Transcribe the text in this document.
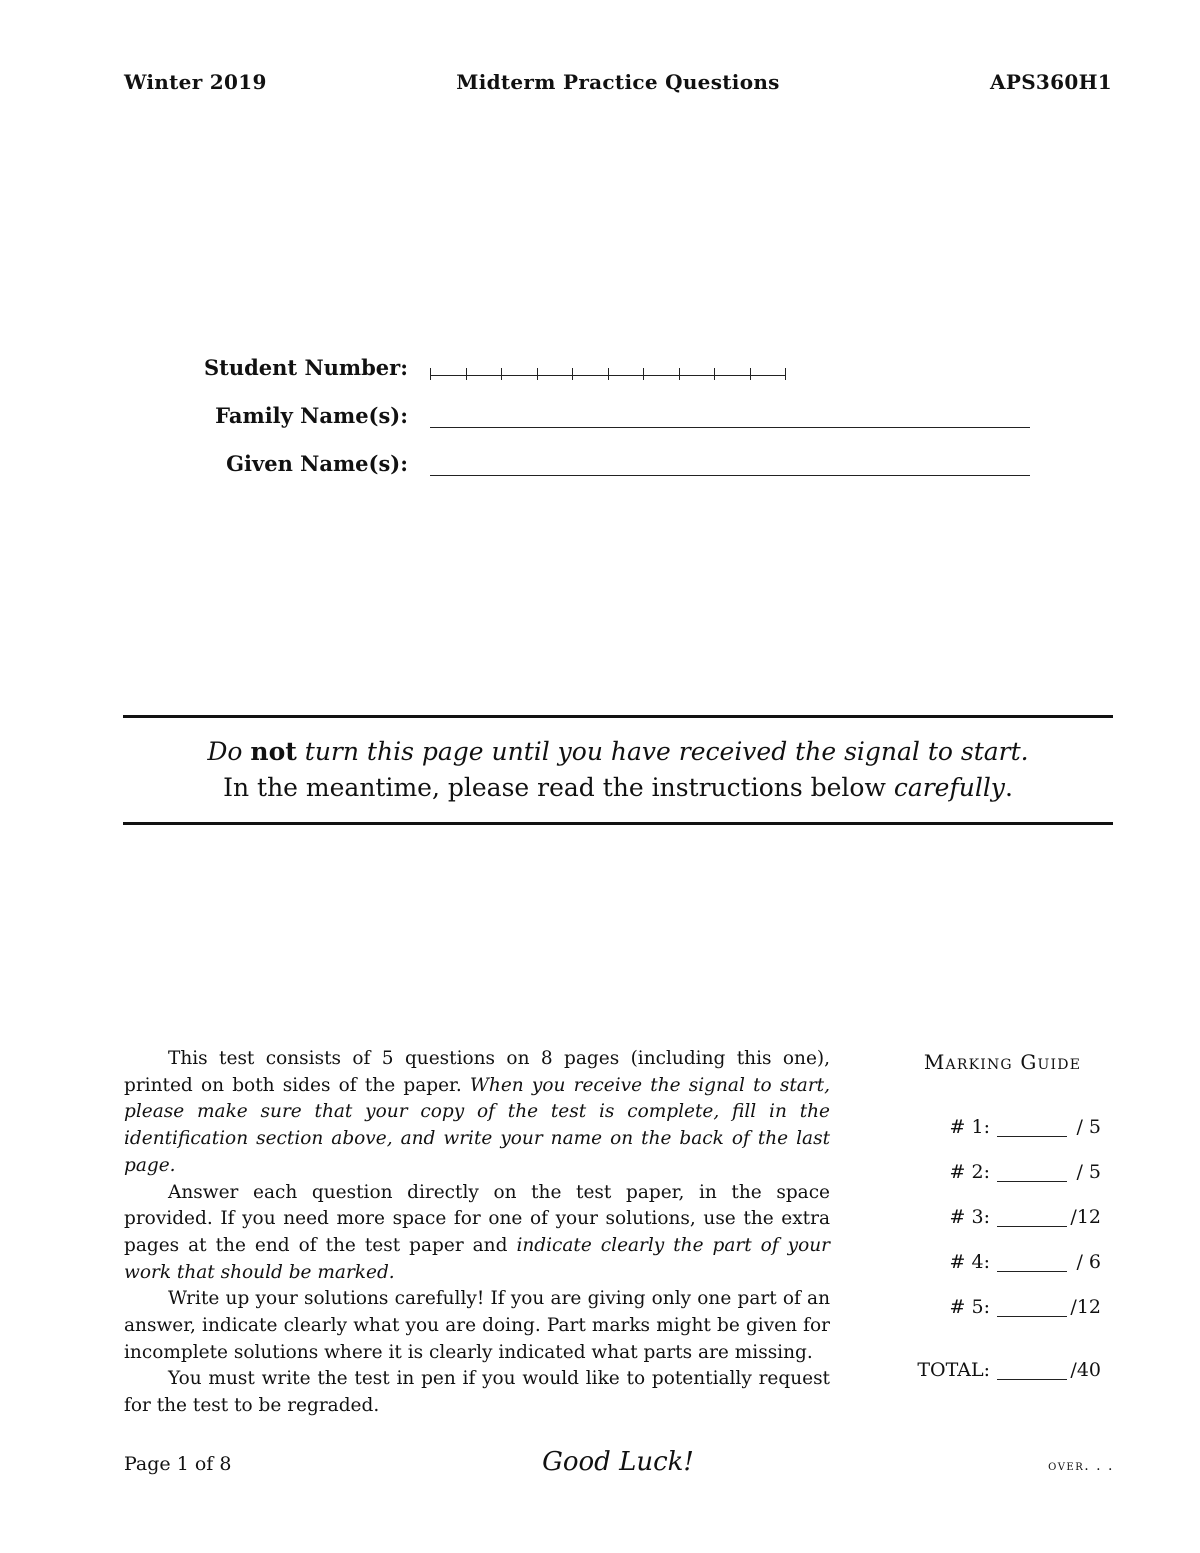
Winter 2019	Midterm Practice Questions	APS360H1
Student Number:
Family Name(s):
Given Name(s):
Do not turn this page until you have received the signal to start.
In the meantime, please read the instructions below carefully.

This test consists of 5 questions on 8 pages (including this one), printed on both sides of the paper. When you receive the signal to start, please make sure that your copy of the test is complete, fill in the identification section above, and write your name on the back of the last page.

Answer each question directly on the test paper, in the space provided. If you need more space for one of your solutions, use the extra pages at the end of the test paper and indicate clearly the part of your work that should be marked.

Write up your solutions carefully! If you are giving only one part of an answer, indicate clearly what you are doing. Part marks might be given for incomplete solutions where it is clearly indicated what parts are missing.

You must write the test in pen if you would like to potentially request for the test to be regraded.

Marking Guide
# 1:	/ 5
# 2:	/ 5
# 3:	/12
# 4:	/ 6
# 5:	/12
TOTAL:	/40
Page 1 of 8	Good Luck!	over. . .
